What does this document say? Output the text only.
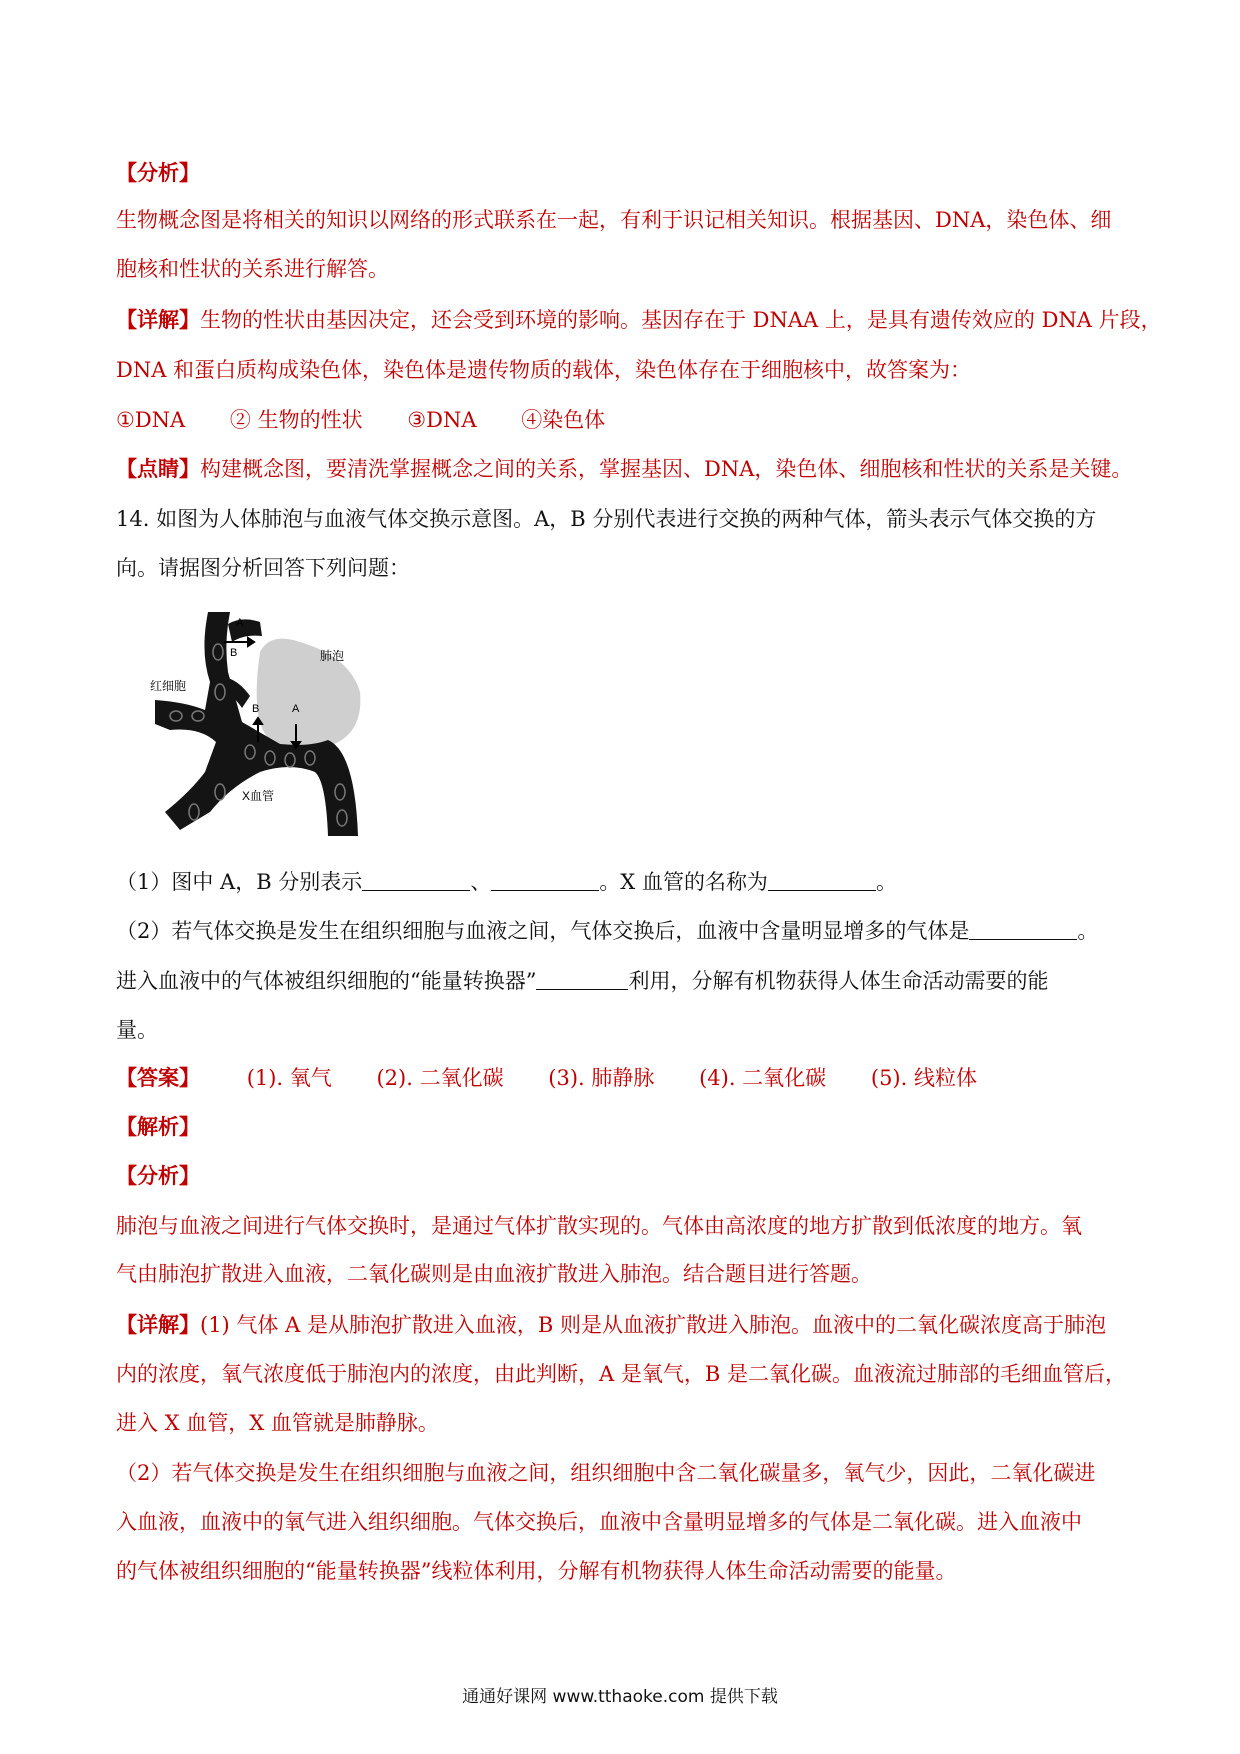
【分析】
生物概念图是将相关的知识以网络的形式联系在一起，有利于识记相关知识。根据基因、DNA，染色体、细
胞核和性状的关系进行解答。
【详解】生物的性状由基因决定，还会受到环境的影响。基因存在于 DNAA 上，是具有遗传效应的 DNA 片段，
DNA 和蛋白质构成染色体，染色体是遗传物质的载体，染色体存在于细胞核中，故答案为：
①DNA ② 生物的性状 ③DNA ④染色体
【点睛】构建概念图，要清洗掌握概念之间的关系，掌握基因、DNA，染色体、细胞核和性状的关系是关键。
14. 如图为人体肺泡与血液气体交换示意图。A，B 分别代表进行交换的两种气体，箭头表示气体交换的方
向。请据图分析回答下列问题：
A
B	肺泡
B	A
红细胞
X血管
（1）图中 A，B 分别表示	、	。X 血管的名称为	。
（2）若气体交换是发生在组织细胞与血液之间，气体交换后，血液中含量明显增多的气体是	。
进入血液中的气体被组织细胞的“能量转换器”	利用，分解有机物获得人体生命活动需要的能
量。
【答案】 (1). 氧气 (2). 二氧化碳 (3). 肺静脉 (4). 二氧化碳 (5). 线粒体
【解析】
【分析】
肺泡与血液之间进行气体交换时，是通过气体扩散实现的。气体由高浓度的地方扩散到低浓度的地方。氧
气由肺泡扩散进入血液，二氧化碳则是由血液扩散进入肺泡。结合题目进行答题。
【详解】(1) 气体 A 是从肺泡扩散进入血液，B 则是从血液扩散进入肺泡。血液中的二氧化碳浓度高于肺泡
内的浓度，氧气浓度低于肺泡内的浓度，由此判断，A 是氧气，B 是二氧化碳。血液流过肺部的毛细血管后，
进入 X 血管，X 血管就是肺静脉。
（2）若气体交换是发生在组织细胞与血液之间，组织细胞中含二氧化碳量多，氧气少，因此，二氧化碳进
入血液，血液中的氧气进入组织细胞。气体交换后，血液中含量明显增多的气体是二氧化碳。进入血液中
的气体被组织细胞的“能量转换器”线粒体利用，分解有机物获得人体生命活动需要的能量。
通通好课网 www.tthaoke.com 提供下载
